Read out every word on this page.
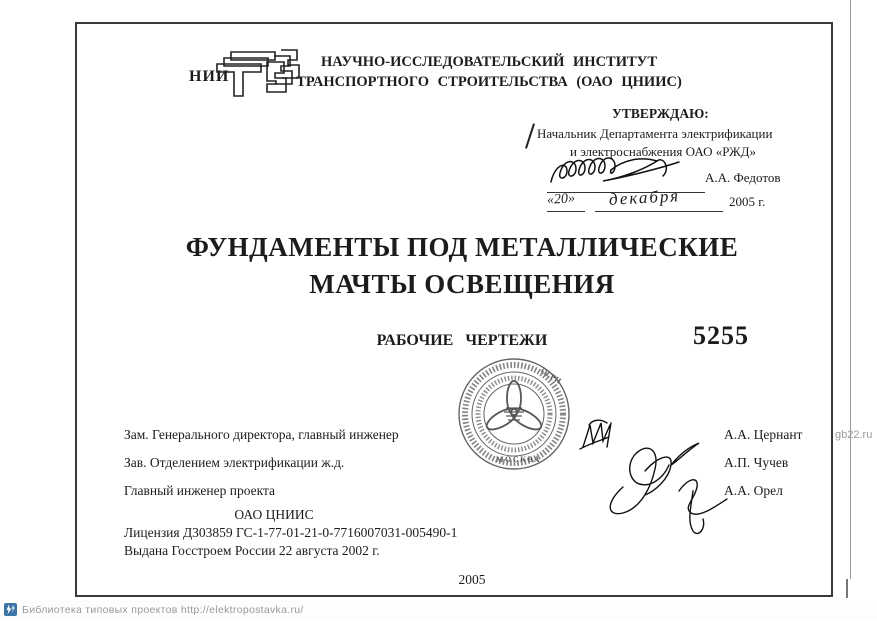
НИИ
НАУЧНО-ИССЛЕДОВАТЕЛЬСКИЙ ИНСТИТУТ
ТРАНСПОРТНОГО СТРОИТЕЛЬСТВА (ОАО ЦНИИС)
УТВЕРЖДАЮ:
Начальник Департамента электрификации
и электроснабжения ОАО «РЖД»
А.А. Федотов
«20» декабря	2005 г.
ФУНДАМЕНТЫ ПОД МЕТАЛЛИЧЕСКИЕ
МАЧТЫ ОСВЕЩЕНИЯ
РАБОЧИЕ ЧЕРТЕЖИ	5255
ОГРН
МОСКВА
Зам. Генерального директора, главный инженер
Зав. Отделением электрификации ж.д.
Главный инженер проекта
А.А. Цернант
А.П. Чучев
А.А. Орел
ОАО ЦНИИС
Лицензия Д303859 ГС-1-77-01-21-0-7716007031-005490-1
Выдана Госстроем России 22 августа 2002 г.
2005
gb22.ru
Библиотека типовых проектов http://elektropostavka.ru/
